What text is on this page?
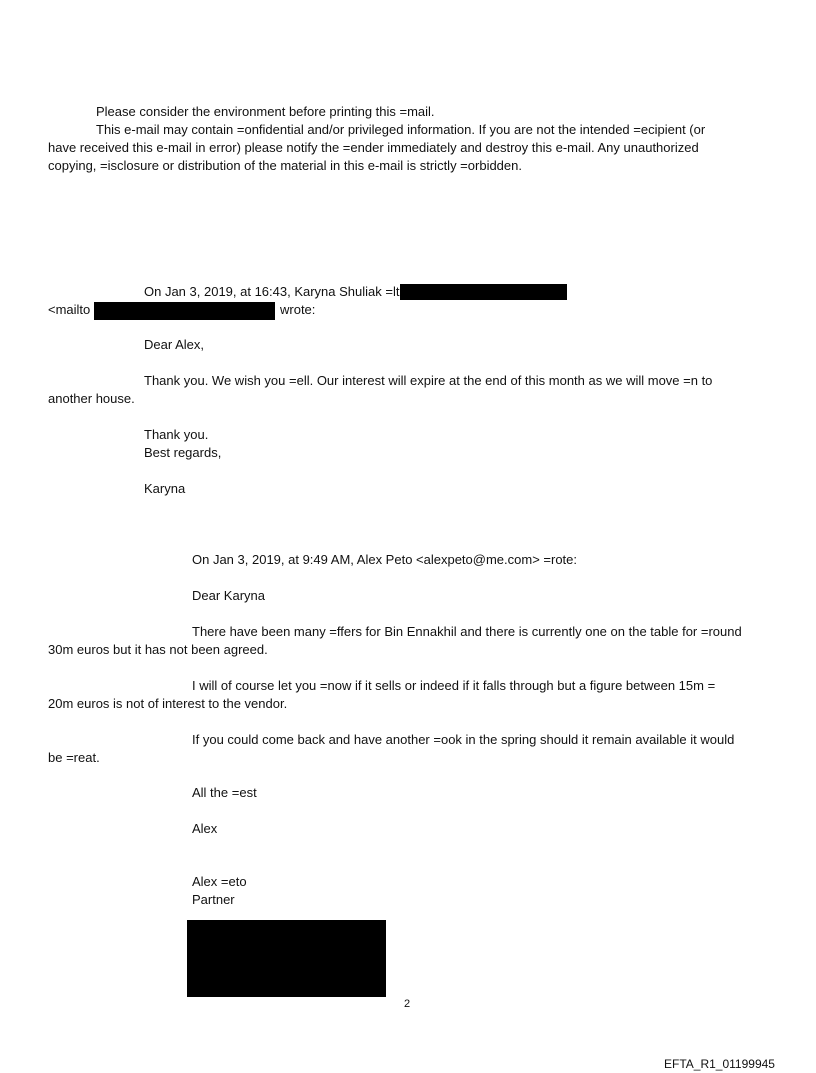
Please consider the environment before printing this =mail.
This e-mail may contain =onfidential and/or privileged information. If you are not the intended =ecipient (or
have received this e-mail in error) please notify the =ender immediately and destroy this e-mail. Any unauthorized
copying, =isclosure or distribution of the material in this e-mail is strictly =orbidden.
On Jan 3, 2019, at 16:43, Karyna Shuliak =lt
<mailto	wrote:
Dear Alex,
Thank you. We wish you =ell. Our interest will expire at the end of this month as we will move =n to
another house.
Thank you.
Best regards,
Karyna
On Jan 3, 2019, at 9:49 AM, Alex Peto <alexpeto@me.com> =rote:
Dear Karyna
There have been many =ffers for Bin Ennakhil and there is currently one on the table for =round
30m euros but it has not been agreed.
I will of course let you =now if it sells or indeed if it falls through but a figure between 15m =
20m euros is not of interest to the vendor.
If you could come back and have another =ook in the spring should it remain available it would
be =reat.
All the =est
Alex
Alex =eto
Partner
2
EFTA_R1_01199945
